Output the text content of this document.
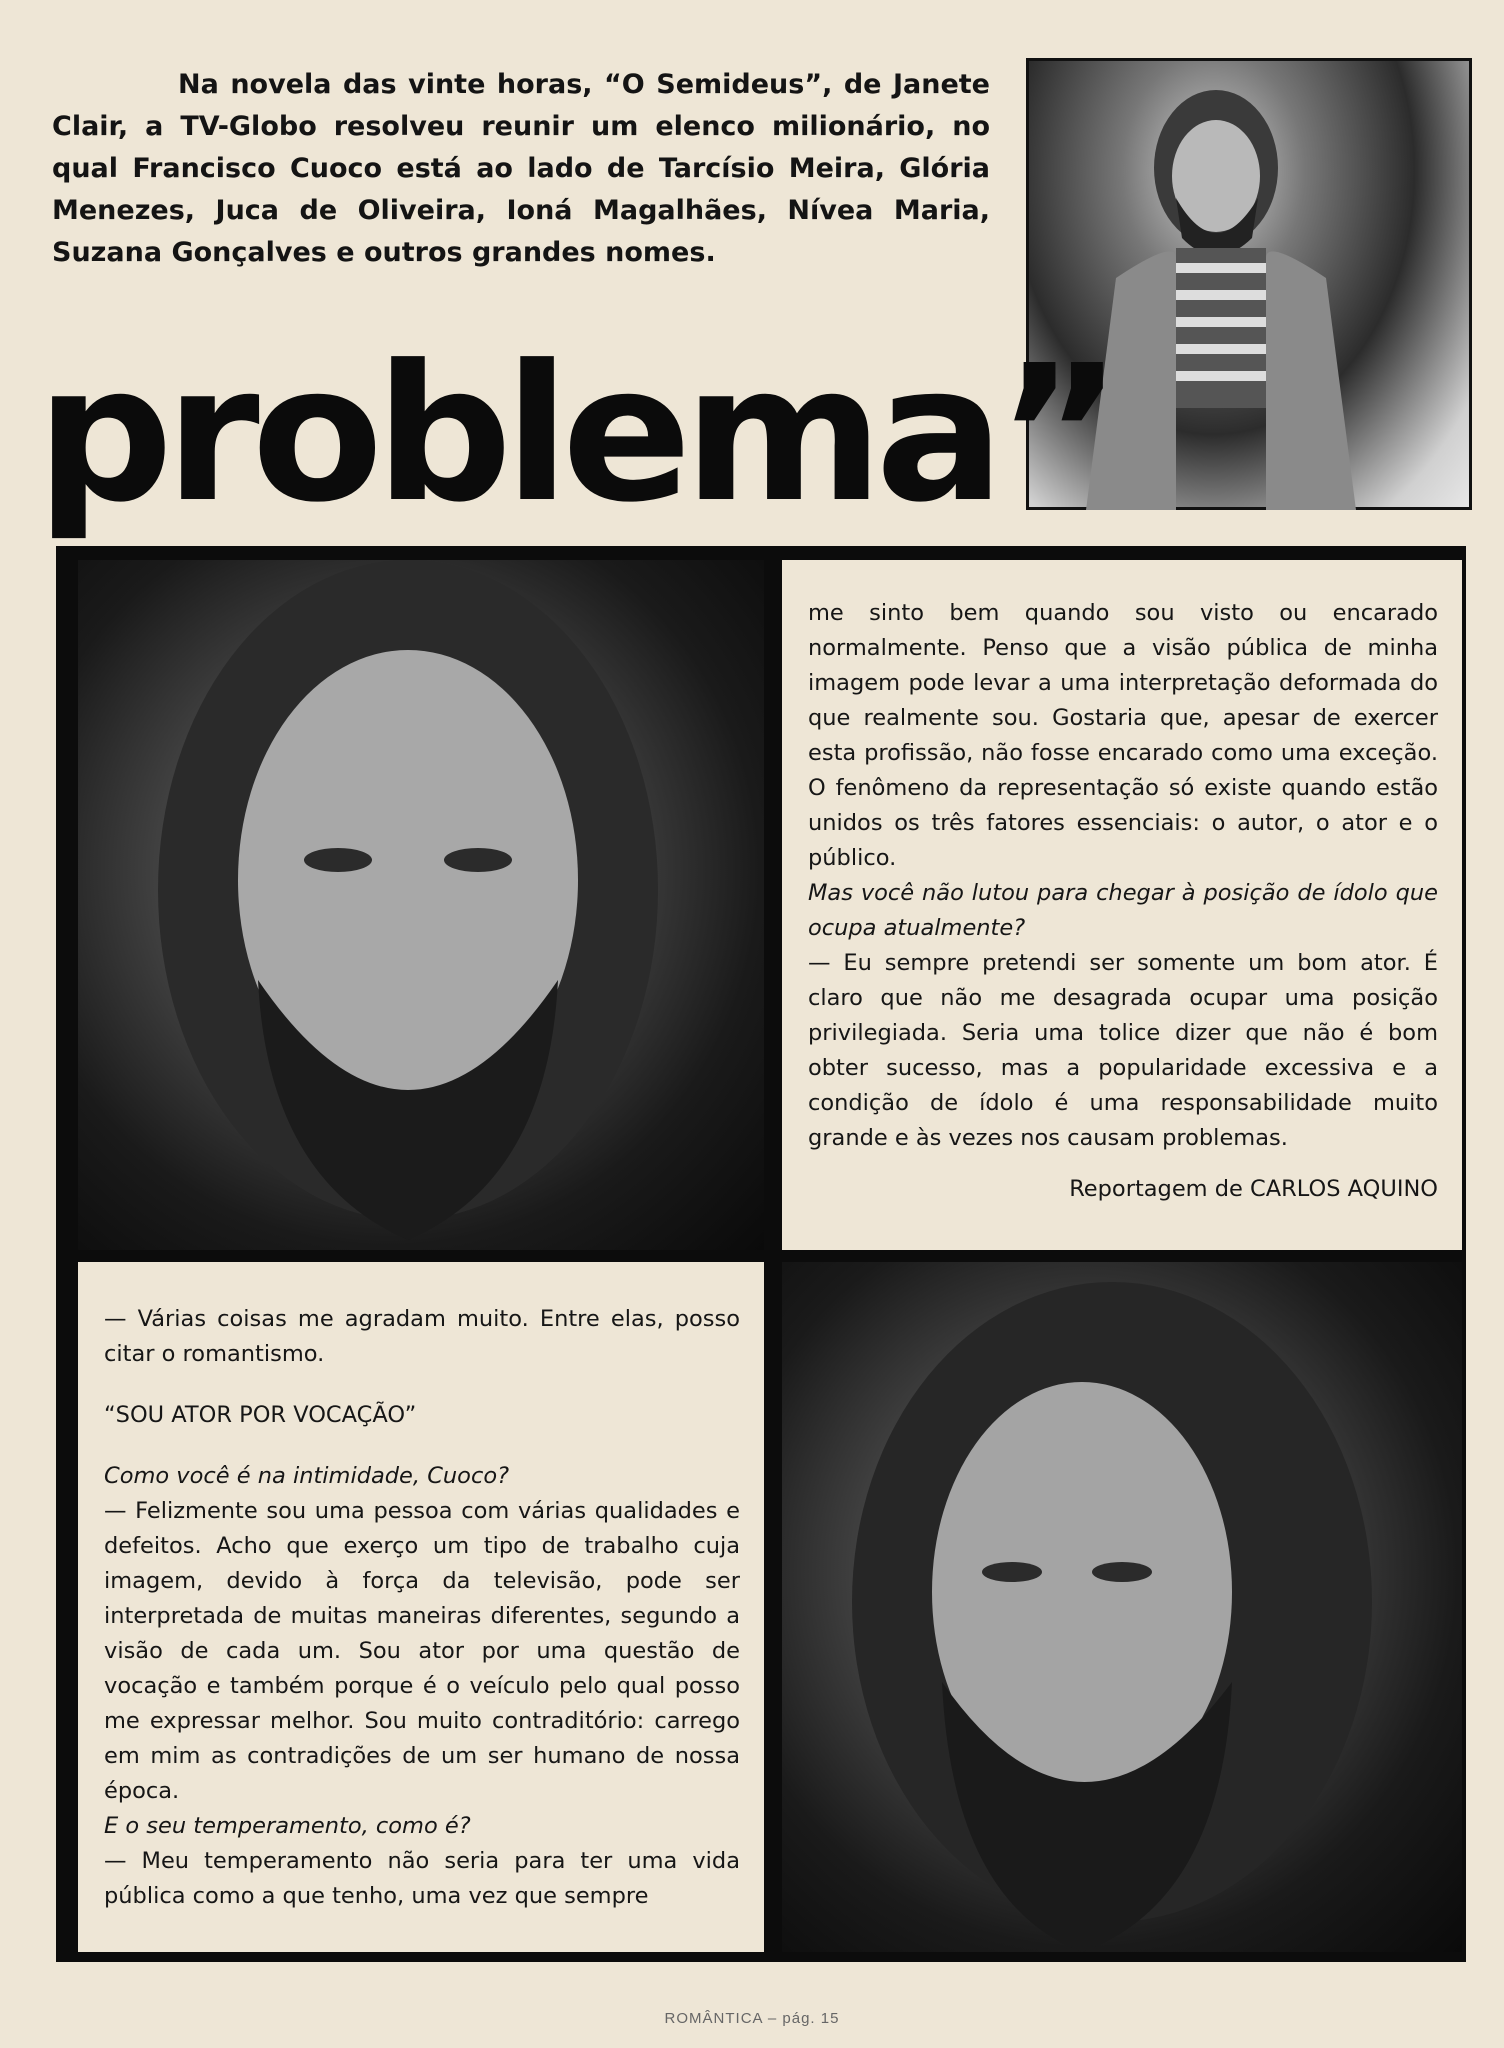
Na novela das vinte horas, “O Semideus”, de Janete Clair, a TV-Globo resolveu reunir um elenco milionário, no qual Francisco Cuoco está ao lado de Tarcísio Meira, Glória Menezes, Juca de Oliveira, Ioná Magalhães, Nívea Maria, Suzana Gonçalves e outros grandes nomes.

problema”

me sinto bem quando sou visto ou encarado normalmente. Penso que a visão pública de minha imagem pode levar a uma interpretação deformada do que realmente sou. Gostaria que, apesar de exercer esta profissão, não fosse encarado como uma exceção. O fenômeno da representação só existe quando estão unidos os três fatores essenciais: o autor, o ator e o público.

Mas você não lutou para chegar à posição de ídolo que ocupa atualmente?

— Eu sempre pretendi ser somente um bom ator. É claro que não me desagrada ocupar uma posição privilegiada. Seria uma tolice dizer que não é bom obter sucesso, mas a popularidade excessiva e a condição de ídolo é uma responsabilidade muito grande e às vezes nos causam problemas.

Reportagem de CARLOS AQUINO

— Várias coisas me agradam muito. Entre elas, posso citar o romantismo.

“SOU ATOR POR VOCAÇÃO”

Como você é na intimidade, Cuoco?

— Felizmente sou uma pessoa com várias qualidades e defeitos. Acho que exerço um tipo de trabalho cuja imagem, devido à força da televisão, pode ser interpretada de muitas maneiras diferentes, segundo a visão de cada um. Sou ator por uma questão de vocação e também porque é o veículo pelo qual posso me expressar melhor. Sou muito contraditório: carrego em mim as contradições de um ser humano de nossa época.

E o seu temperamento, como é?

— Meu temperamento não seria para ter uma vida pública como a que tenho, uma vez que sempre

ROMÂNTICA – pág. 15
